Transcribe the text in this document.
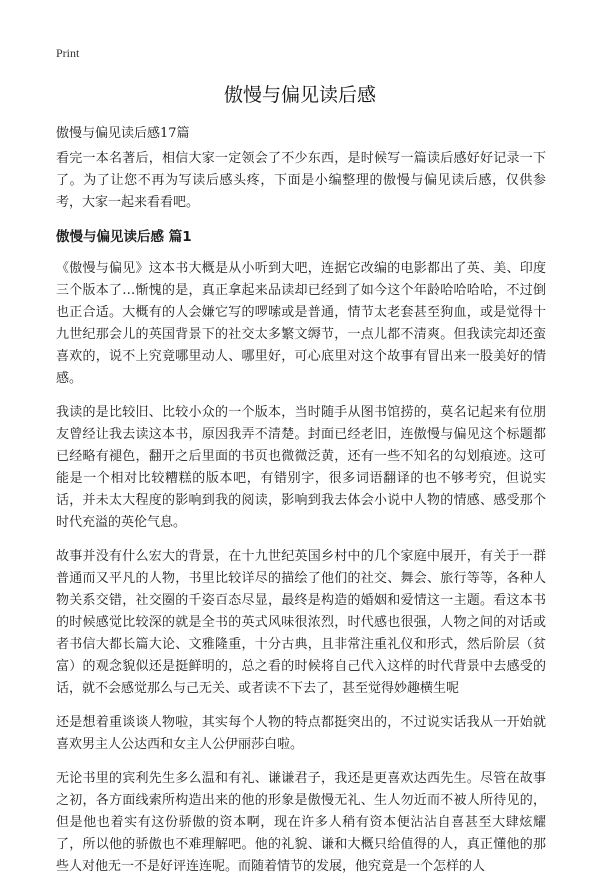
Print
傲慢与偏见读后感
傲慢与偏见读后感17篇

看完一本名著后，相信大家一定领会了不少东西，是时候写一篇读后感好好记录一下了。为了让您不再为写读后感头疼，下面是小编整理的傲慢与偏见读后感，仅供参考，大家一起来看看吧。

傲慢与偏见读后感 篇1

《傲慢与偏见》这本书大概是从小听到大吧，连据它改编的电影都出了英、美、印度三个版本了…惭愧的是，真正拿起来品读却已经到了如今这个年龄哈哈哈哈，不过倒也正合适。大概有的人会嫌它写的啰嗦或是普通，情节太老套甚至狗血，或是觉得十九世纪那会儿的英国背景下的社交太多繁文缛节，一点儿都不清爽。但我读完却还蛮喜欢的，说不上究竟哪里动人、哪里好，可心底里对这个故事有冒出来一股美好的情感。

我读的是比较旧、比较小众的一个版本，当时随手从图书馆捞的，莫名记起来有位朋友曾经让我去读这本书，原因我弄不清楚。封面已经老旧，连傲慢与偏见这个标题都已经略有褪色，翻开之后里面的书页也微微泛黄，还有一些不知名的勾划痕迹。这可能是一个相对比较糟糕的版本吧，有错别字，很多词语翻译的也不够考究，但说实话，并未太大程度的影响到我的阅读，影响到我去体会小说中人物的情感、感受那个时代充溢的英伦气息。

故事并没有什么宏大的背景，在十九世纪英国乡村中的几个家庭中展开，有关于一群普通而又平凡的人物，书里比较详尽的描绘了他们的社交、舞会、旅行等等，各种人物关系交错，社交圈的千姿百态尽显，最终是构造的婚姻和爱情这一主题。看这本书的时候感觉比较深的就是全书的英式风味很浓烈，时代感也很强，人物之间的对话或者书信大都长篇大论、文雅隆重，十分古典，且非常注重礼仪和形式，然后阶层（贫富）的观念貌似还是挺鲜明的，总之看的时候将自己代入这样的时代背景中去感受的 话，就不会感觉那么与己无关、或者读不下去了，甚至觉得妙趣横生呢

还是想着重谈谈人物啦，其实每个人物的特点都挺突出的，不过说实话我从一开始就喜欢男主人公达西和女主人公伊丽莎白啦。

无论书里的宾利先生多么温和有礼、谦谦君子，我还是更喜欢达西先生。尽管在故事之初，各方面线索所构造出来的他的形象是傲慢无礼、生人勿近而不被人所待见的，但是他也着实有这份骄傲的资本啊，现在许多人稍有资本便沾沾自喜甚至大肆炫耀了，所以他的骄傲也不难理解吧。他的礼貌、谦和大概只给值得的人，真正懂他的那些人对他无一不是好评连连呢。而随着情节的发展，他究竟是一个怎样的人
